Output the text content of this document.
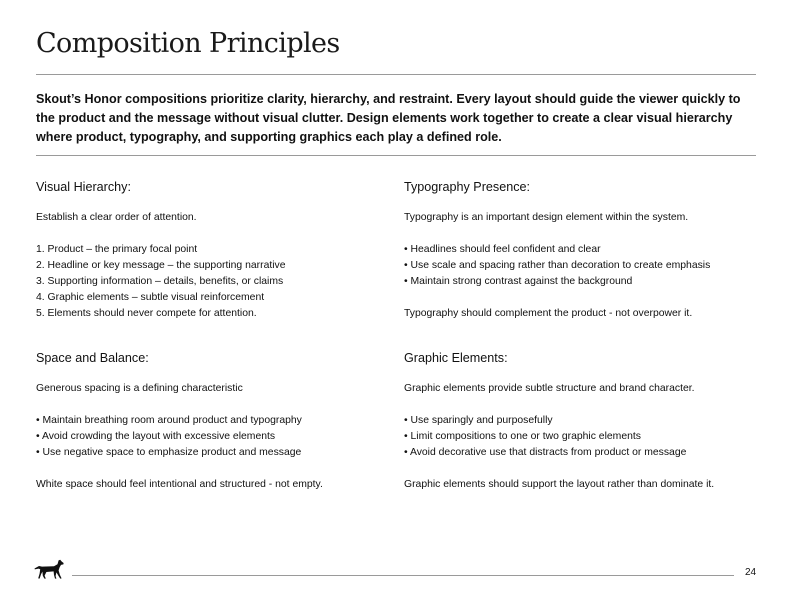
Composition Principles

Skout’s Honor compositions prioritize clarity, hierarchy, and restraint. Every layout should guide the viewer quickly to the product and the message without visual clutter. Design elements work together to create a clear visual hierarchy where product, typography, and supporting graphics each play a defined role.

Visual Hierarchy:

Establish a clear order of attention.

1. Product – the primary focal point
2. Headline or key message – the supporting narrative
3. Supporting information – details, benefits, or claims
4. Graphic elements – subtle visual reinforcement
5. Elements should never compete for attention.
Typography Presence:

Typography is an important design element within the system.

• Headlines should feel confident and clear
• Use scale and spacing rather than decoration to create emphasis
• Maintain strong contrast against the background

Typography should complement the product - not overpower it.

Space and Balance:

Generous spacing is a defining characteristic

• Maintain breathing room around product and typography
• Avoid crowding the layout with excessive elements
• Use negative space to emphasize product and message

White space should feel intentional and structured - not empty.

Graphic Elements:

Graphic elements provide subtle structure and brand character.

• Use sparingly and purposefully
• Limit compositions to one or two graphic elements
• Avoid decorative use that distracts from product or message

Graphic elements should support the layout rather than dominate it.

24
